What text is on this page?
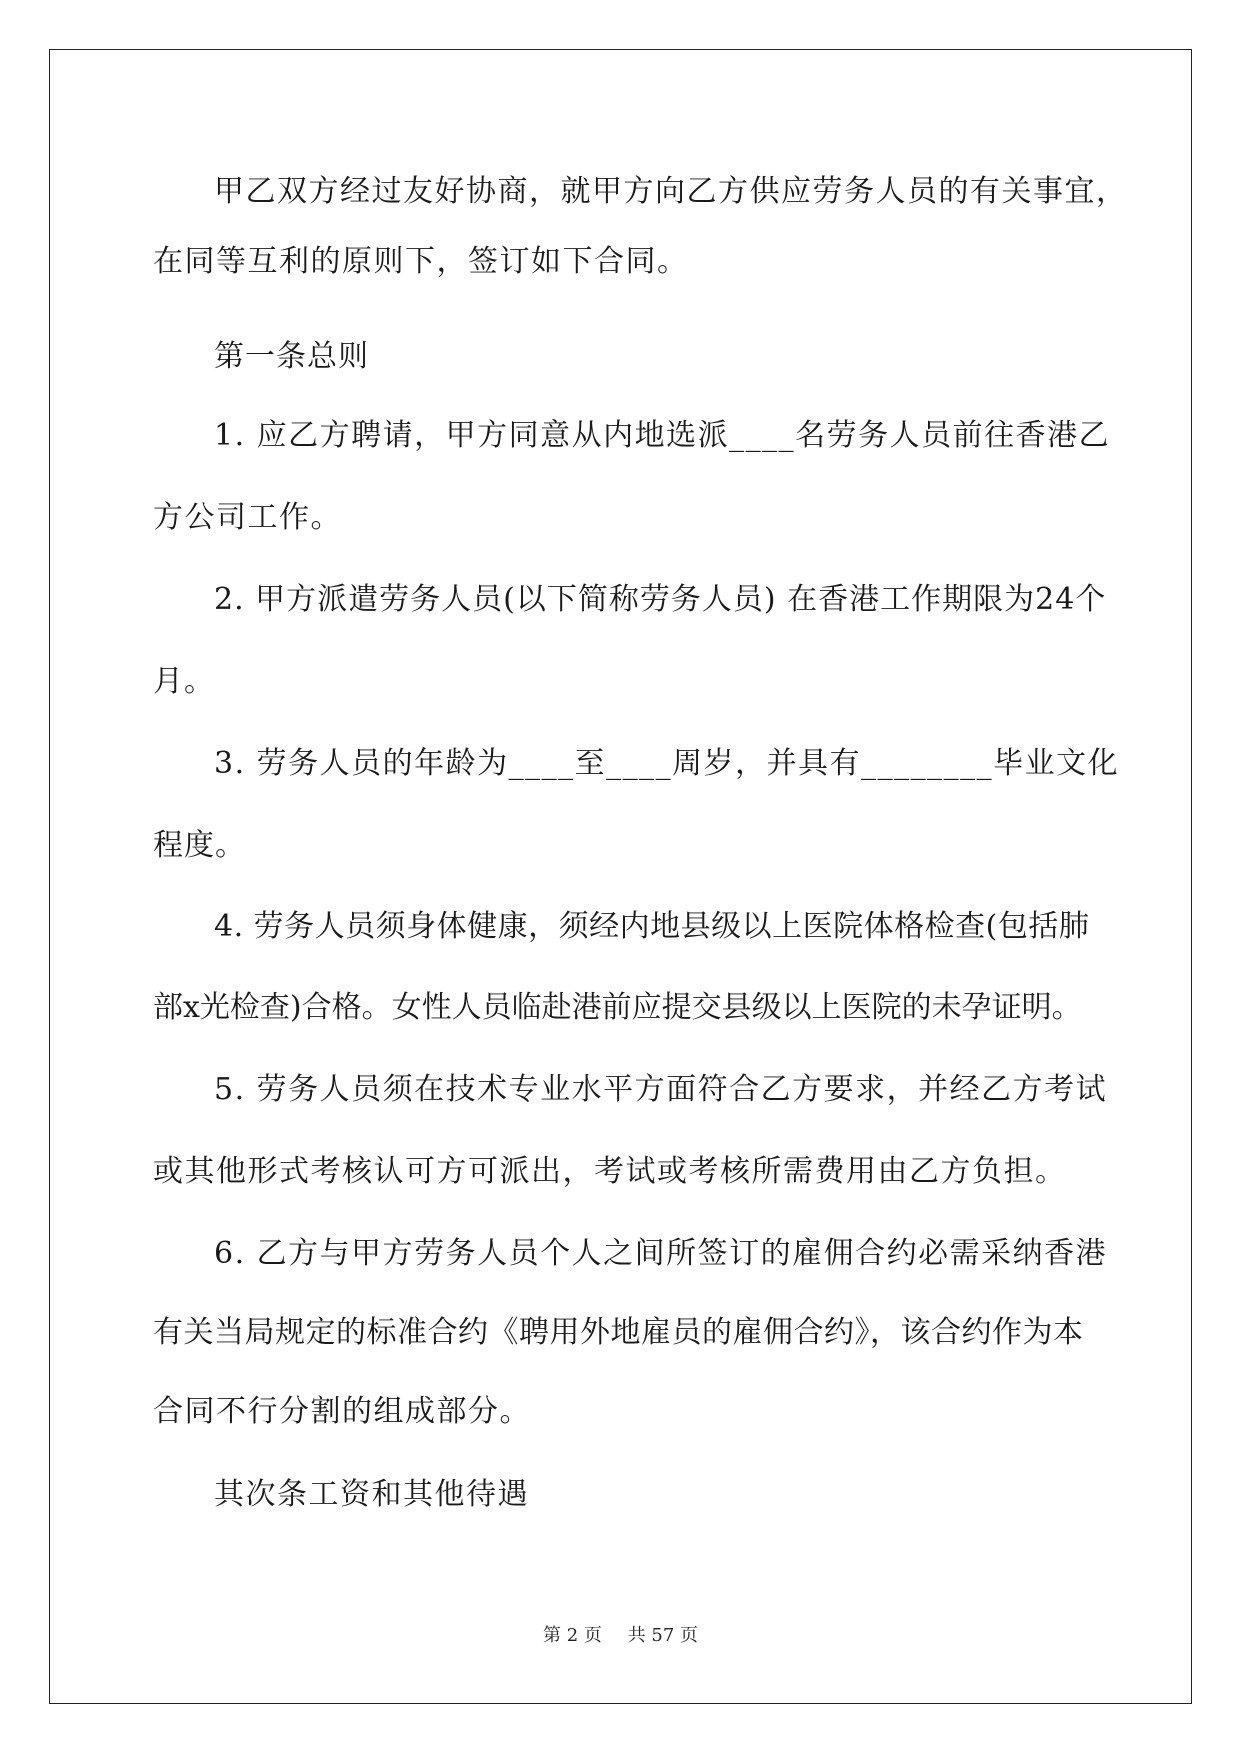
甲乙双方经过友好协商，就甲方向乙方供应劳务人员的有关事宜，
在同等互利的原则下，签订如下合同。
第一条总则
1. 应乙方聘请，甲方同意从内地选派____名劳务人员前往香港乙
方公司工作。
2. 甲方派遣劳务人员(以下简称劳务人员) 在香港工作期限为24个
月。
3. 劳务人员的年龄为____至____周岁，并具有________毕业文化
程度。
4. 劳务人员须身体健康，须经内地县级以上医院体格检查(包括肺
部x光检查)合格。女性人员临赴港前应提交县级以上医院的未孕证明。
5. 劳务人员须在技术专业水平方面符合乙方要求，并经乙方考试
或其他形式考核认可方可派出，考试或考核所需费用由乙方负担。
6. 乙方与甲方劳务人员个人之间所签订的雇佣合约必需采纳香港
有关当局规定的标准合约《聘用外地雇员的雇佣合约》，该合约作为本
合同不行分割的组成部分。
其次条工资和其他待遇
第 2 页 共 57 页
